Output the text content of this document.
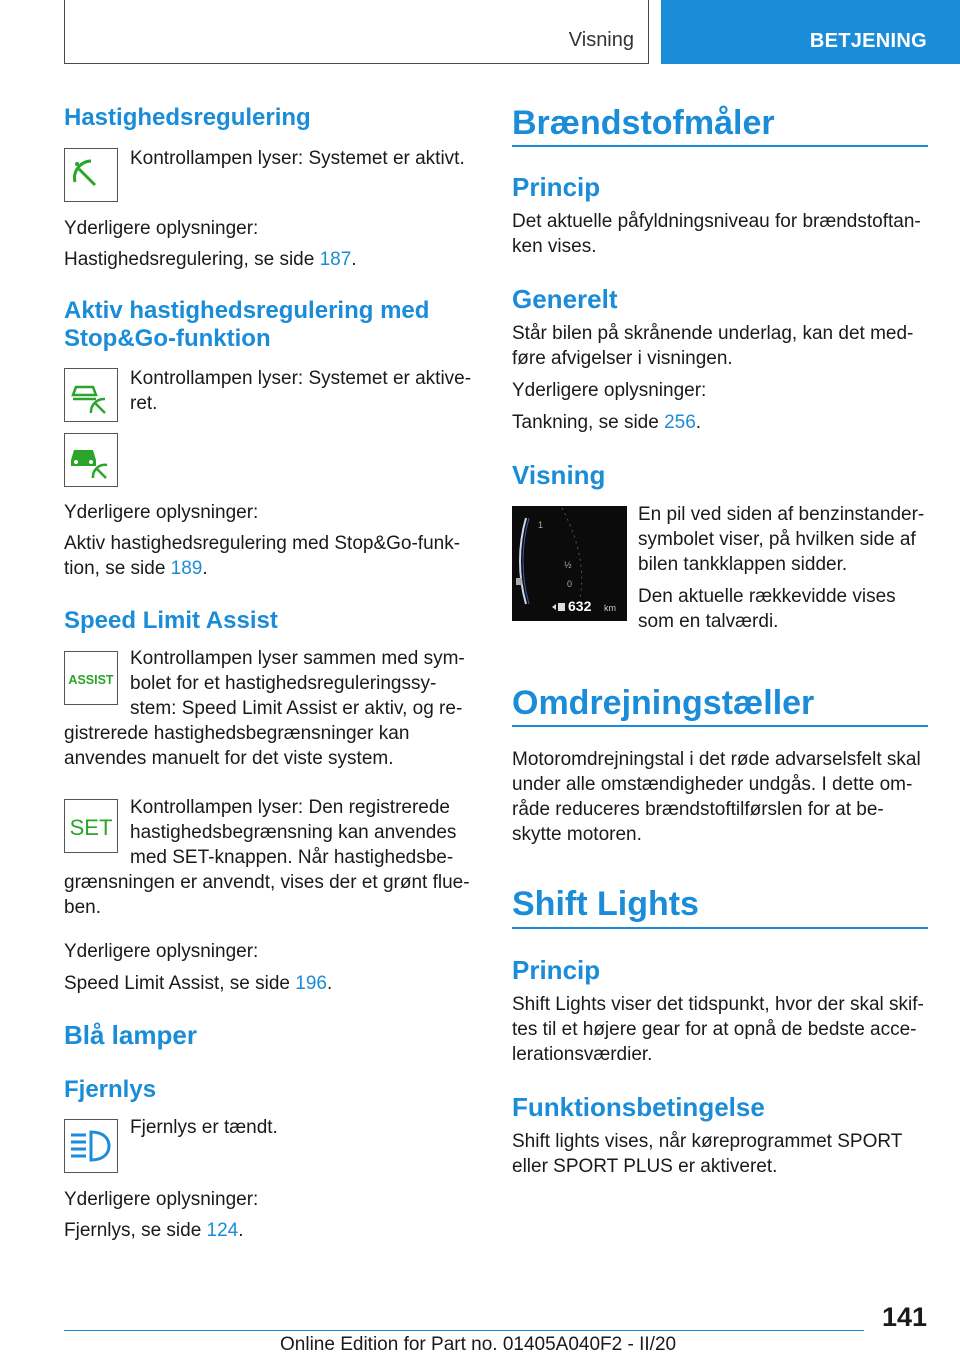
Visning	BETJENING
Hastighedsregulering
Kontrollampen lyser: Systemet er aktivt.
Yderligere oplysninger:
Hastighedsregulering, se side 187.
Aktiv hastighedsregulering med
Stop&Go-funktion
Kontrollampen lyser: Systemet er aktive-
ret.
Yderligere oplysninger:
Aktiv hastighedsregulering med Stop&Go-funk-
tion, se side 189.
Speed Limit Assist
ASSIST
Kontrollampen lyser sammen med sym-
bolet for et hastighedsreguleringssy-
stem: Speed Limit Assist er aktiv, og re-
gistrerede hastighedsbegrænsninger kan
anvendes manuelt for det viste system.
SET
Kontrollampen lyser: Den registrerede
hastighedsbegrænsning kan anvendes
med SET-knappen. Når hastighedsbe-
grænsningen er anvendt, vises der et grønt flue-
ben.
Yderligere oplysninger:
Speed Limit Assist, se side 196.
Blå lamper
Fjernlys
Fjernlys er tændt.
Yderligere oplysninger:
Fjernlys, se side 124.
Brændstofmåler
Princip
Det aktuelle påfyldningsniveau for brændstoftan-
ken vises.
Generelt
Står bilen på skrånende underlag, kan det med-
føre afvigelser i visningen.
Yderligere oplysninger:
Tankning, se side 256.
Visning
1
½
0
632 km
En pil ved siden af benzinstander-
symbolet viser, på hvilken side af
bilen tankklappen sidder.
Den aktuelle rækkevidde vises
som en talværdi.
Omdrejningstæller
Motoromdrejningstal i det røde advarselsfelt skal
under alle omstændigheder undgås. I dette om-
råde reduceres brændstoftilførslen for at be-
skytte motoren.
Shift Lights
Princip
Shift Lights viser det tidspunkt, hvor der skal skif-
tes til et højere gear for at opnå de bedste acce-
lerationsværdier.
Funktionsbetingelse
Shift lights vises, når køreprogrammet SPORT
eller SPORT PLUS er aktiveret.
141
Online Edition for Part no. 01405A040F2 - II/20
